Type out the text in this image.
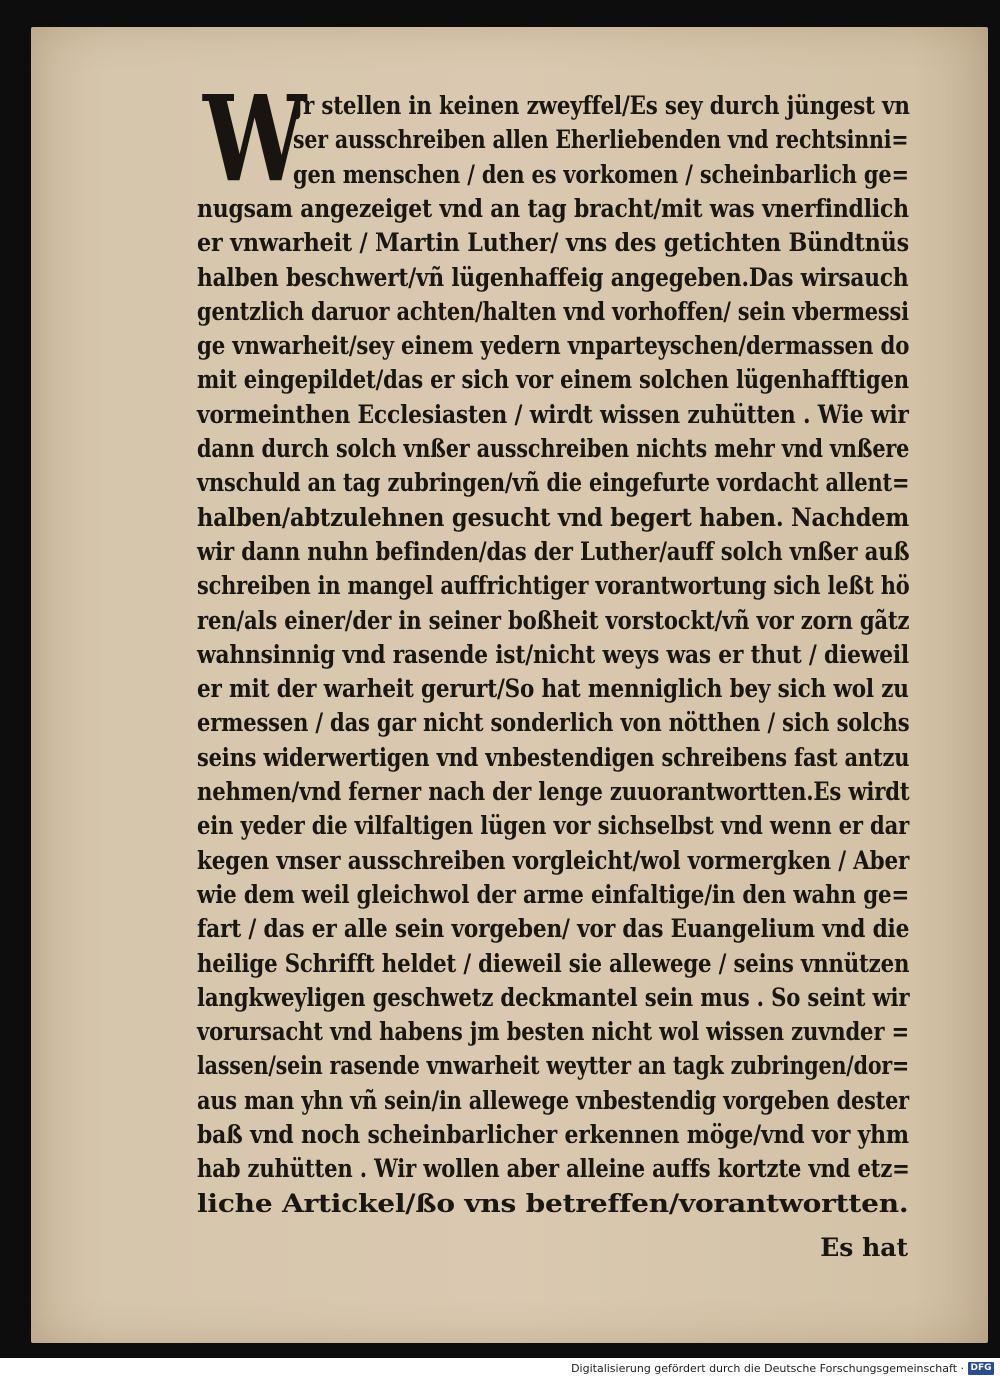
W
Jr stellen in keinen zweyffel/Es sey durch jüngest vn
ser ausschreiben allen Eherliebenden vnd rechtsinni=
gen menschen / den es vorkomen / scheinbarlich ge=
nugsam angezeiget vnd an tag bracht/mit was vnerfindlich
er vnwarheit / Martin Luther/ vns des getichten Bündtnüs
halben beschwert/vñ lügenhaffeig angegeben.Das wirsauch
gentzlich daruor achten/halten vnd vorhoffen/ sein vbermessi
ge vnwarheit/sey einem yedern vnparteyschen/dermassen do
mit eingepildet/das er sich vor einem solchen lügenhafftigen
vormeinthen Ecclesiasten / wirdt wissen zuhütten . Wie wir
dann durch solch vnßer ausschreiben nichts mehr vnd vnßere
vnschuld an tag zubringen/vñ die eingefurte vordacht allent=
halben/abtzulehnen gesucht vnd begert haben. Nachdem
wir dann nuhn befinden/das der Luther/auff solch vnßer auß
schreiben in mangel auffrichtiger vorantwortung sich leßt hö
ren/als einer/der in seiner boßheit vorstockt/vñ vor zorn gãtz
wahnsinnig vnd rasende ist/nicht weys was er thut / dieweil
er mit der warheit gerurt/So hat menniglich bey sich wol zu
ermessen / das gar nicht sonderlich von nötthen / sich solchs
seins widerwertigen vnd vnbestendigen schreibens fast antzu
nehmen/vnd ferner nach der lenge zuuorantwortten.Es wirdt
ein yeder die vilfaltigen lügen vor sichselbst vnd wenn er dar
kegen vnser ausschreiben vorgleicht/wol vormergken / Aber
wie dem weil gleichwol der arme einfaltige/in den wahn ge=
fart / das er alle sein vorgeben/ vor das Euangelium vnd die
heilige Schrifft heldet / dieweil sie allewege / seins vnnützen
langkweyligen geschwetz deckmantel sein mus . So seint wir
vorursacht vnd habens jm besten nicht wol wissen zuvnder =
lassen/sein rasende vnwarheit weytter an tagk zubringen/dor=
aus man yhn vñ sein/in allewege vnbestendig vorgeben dester
baß vnd noch scheinbarlicher erkennen möge/vnd vor yhm
hab zuhütten . Wir wollen aber alleine auffs kortzte vnd etz=
liche Artickel/ßo vns betreffen/vorantwortten.
Es hat
Digitalisierung gefördert durch die Deutsche Forschungsgemeinschaft · DFG
